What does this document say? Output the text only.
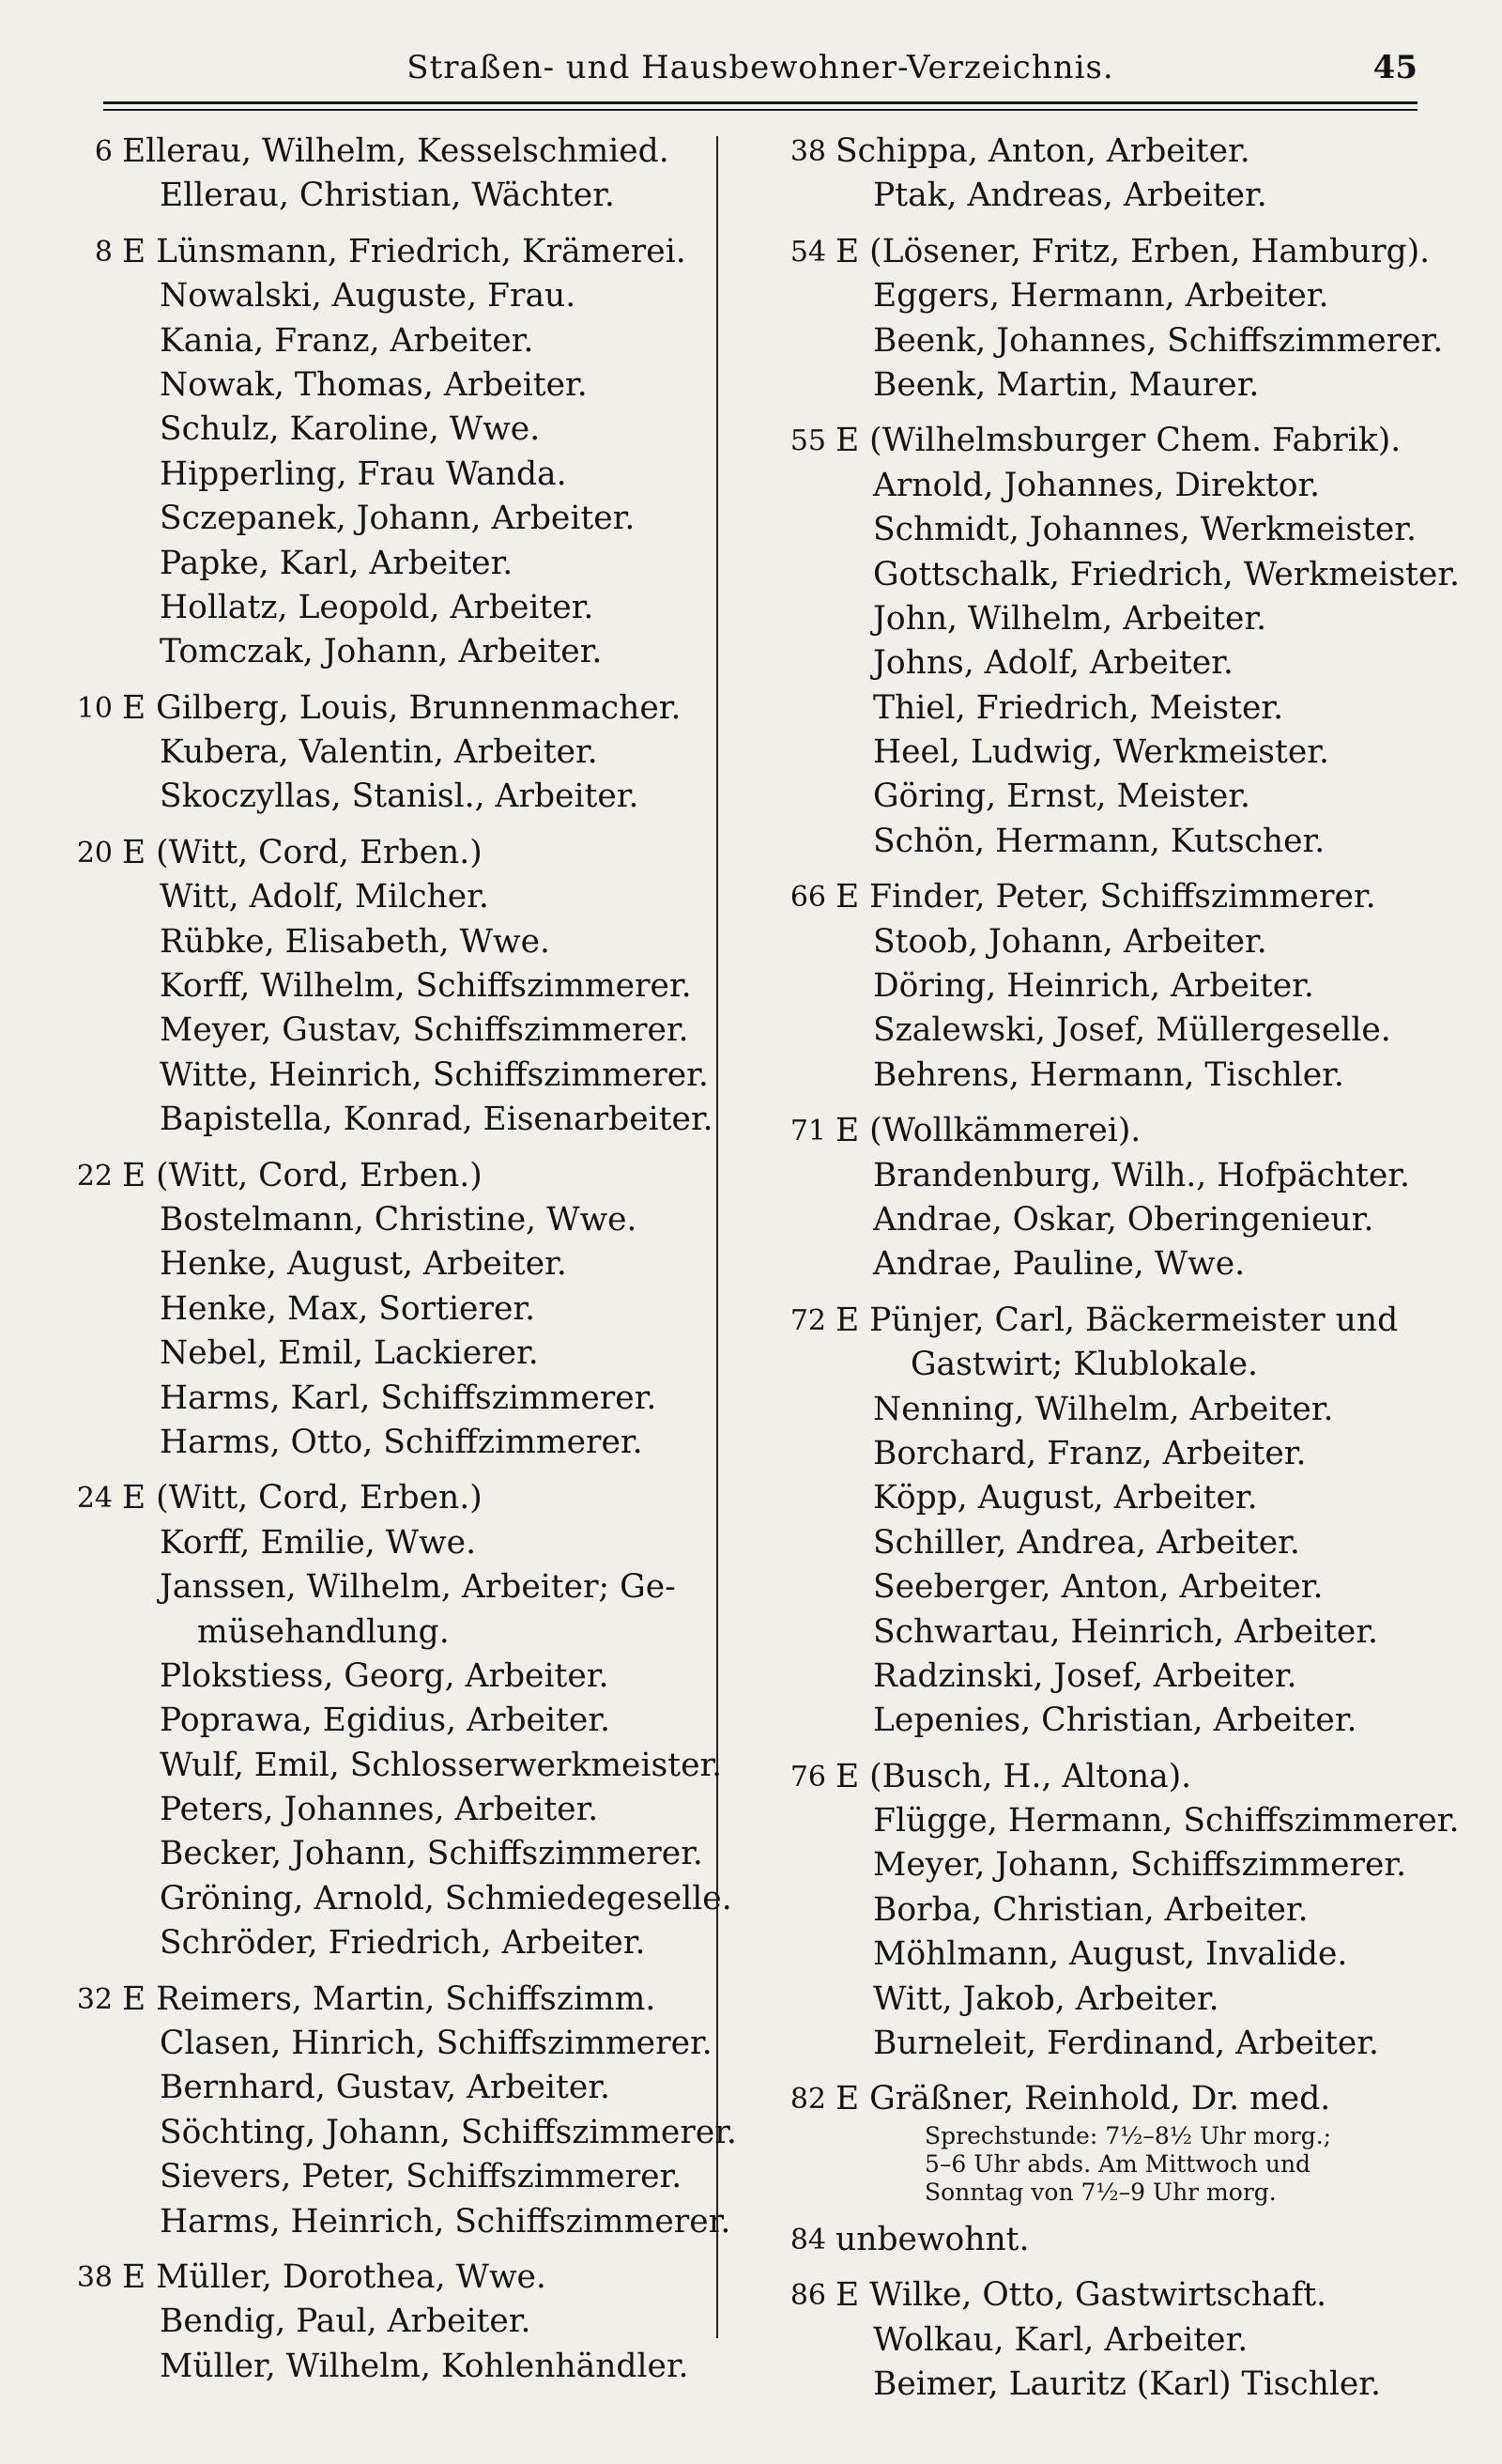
Straßen- und Hausbewohner-Verzeichnis.	45
6 Ellerau, Wilhelm, Kesselschmied.
Ellerau, Christian, Wächter.
8 E Lünsmann, Friedrich, Krämerei.
Nowalski, Auguste, Frau.
Kania, Franz, Arbeiter.
Nowak, Thomas, Arbeiter.
Schulz, Karoline, Wwe.
Hipperling, Frau Wanda.
Sczepanek, Johann, Arbeiter.
Papke, Karl, Arbeiter.
Hollatz, Leopold, Arbeiter.
Tomczak, Johann, Arbeiter.
10 E Gilberg, Louis, Brunnenmacher.
Kubera, Valentin, Arbeiter.
Skoczyllas, Stanisl., Arbeiter.
20 E (Witt, Cord, Erben.)
Witt, Adolf, Milcher.
Rübke, Elisabeth, Wwe.
Korff, Wilhelm, Schiffszimmerer.
Meyer, Gustav, Schiffszimmerer.
Witte, Heinrich, Schiffszimmerer.
Bapistella, Konrad, Eisenarbeiter.
22 E (Witt, Cord, Erben.)
Bostelmann, Christine, Wwe.
Henke, August, Arbeiter.
Henke, Max, Sortierer.
Nebel, Emil, Lackierer.
Harms, Karl, Schiffszimmerer.
Harms, Otto, Schiffzimmerer.
24 E (Witt, Cord, Erben.)
Korff, Emilie, Wwe.
Janssen, Wilhelm, Arbeiter; Ge-
müsehandlung.
Plokstiess, Georg, Arbeiter.
Poprawa, Egidius, Arbeiter.
Wulf, Emil, Schlosserwerkmeister.
Peters, Johannes, Arbeiter.
Becker, Johann, Schiffszimmerer.
Gröning, Arnold, Schmiedegeselle.
Schröder, Friedrich, Arbeiter.
32 E Reimers, Martin, Schiffszimm.
Clasen, Hinrich, Schiffszimmerer.
Bernhard, Gustav, Arbeiter.
Söchting, Johann, Schiffszimmerer.
Sievers, Peter, Schiffszimmerer.
Harms, Heinrich, Schiffszimmerer.
38 E Müller, Dorothea, Wwe.
Bendig, Paul, Arbeiter.
Müller, Wilhelm, Kohlenhändler.
38 Schippa, Anton, Arbeiter.
Ptak, Andreas, Arbeiter.
54 E (Lösener, Fritz, Erben, Hamburg).
Eggers, Hermann, Arbeiter.
Beenk, Johannes, Schiffszimmerer.
Beenk, Martin, Maurer.
55 E (Wilhelmsburger Chem. Fabrik).
Arnold, Johannes, Direktor.
Schmidt, Johannes, Werkmeister.
Gottschalk, Friedrich, Werkmeister.
John, Wilhelm, Arbeiter.
Johns, Adolf, Arbeiter.
Thiel, Friedrich, Meister.
Heel, Ludwig, Werkmeister.
Göring, Ernst, Meister.
Schön, Hermann, Kutscher.
66 E Finder, Peter, Schiffszimmerer.
Stoob, Johann, Arbeiter.
Döring, Heinrich, Arbeiter.
Szalewski, Josef, Müllergeselle.
Behrens, Hermann, Tischler.
71 E (Wollkämmerei).
Brandenburg, Wilh., Hofpächter.
Andrae, Oskar, Oberingenieur.
Andrae, Pauline, Wwe.
72 E Pünjer, Carl, Bäckermeister und
Gastwirt; Klublokale.
Nenning, Wilhelm, Arbeiter.
Borchard, Franz, Arbeiter.
Köpp, August, Arbeiter.
Schiller, Andrea, Arbeiter.
Seeberger, Anton, Arbeiter.
Schwartau, Heinrich, Arbeiter.
Radzinski, Josef, Arbeiter.
Lepenies, Christian, Arbeiter.
76 E (Busch, H., Altona).
Flügge, Hermann, Schiffszimmerer.
Meyer, Johann, Schiffszimmerer.
Borba, Christian, Arbeiter.
Möhlmann, August, Invalide.
Witt, Jakob, Arbeiter.
Burneleit, Ferdinand, Arbeiter.
82 E Gräßner, Reinhold, Dr. med.
Sprechstunde: 7½–8½ Uhr morg.;
5–6 Uhr abds. Am Mittwoch und
Sonntag von 7½–9 Uhr morg.
84 unbewohnt.
86 E Wilke, Otto, Gastwirtschaft.
Wolkau, Karl, Arbeiter.
Beimer, Lauritz (Karl) Tischler.
